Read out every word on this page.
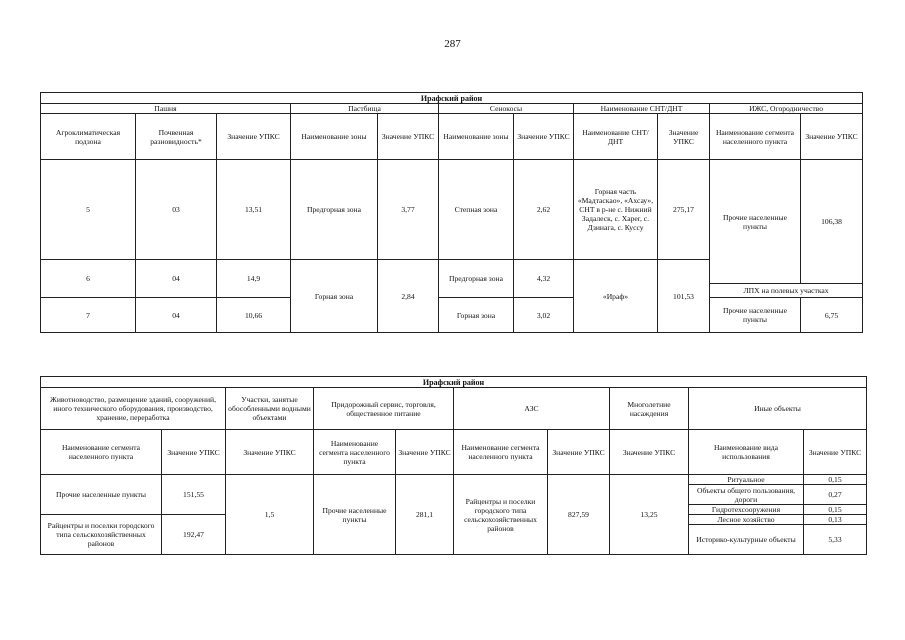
287
Ирафский район										
Пашня			Пастбища		Сенокосы		Наименование СНТ/ДНТ		ИЖС, Огородничество	
Агроклиматическая подзона	Почвенная разновидность*	Значение УПКС	Наименование зоны	Значение УПКС	Наименование зоны	Значение УПКС	Наименование СНТ/ДНТ	Значение УПКС	Наименование сегмента населенного пункта	Значение УПКС
5	03	13,51	Предгорная зона	3,77	Степная зона	2,62	Горная часть «Мадтаскао», «Ахсау», СНТ в р-не с. Нижний Задалеск, с. Хаper, с. Дзинага, с. Куссу	275,17	Прочие населенные пункты	106,38
6	04	14,9	Горная зона	2,84	Предгорная зона	4,32	«Ираф»	101,53		
									ЛПХ на полевых участках	
7	04	10,66			Горная зона	3,02			Прочие населенные пункты	6,75

Ирафский район									
Животноводство, размещение зданий, сооружений, иного технического оборудования, производство, хранение, переработка		Участки, занятые обособленными водными объектами	Придорожный сервис, торговля, общественное питание		АЗС		Многолетние насаждения	Иные объекты	
Наименование сегмента населенного пункта	Значение УПКС	Значение УПКС	Наименование сегмента населенного пункта	Значение УПКС	Наименование сегмента населенного пункта	Значение УПКС	Значение УПКС	Наименование вида использования	Значение УПКС
Прочие населенные пункты	151,55	1,5	Прочие населенные пункты	281,1	Райцентры и поселки городского типа сельскохозяйственных районов	827,59	13,25	Ритуальное	0,15
								Объекты общего пользования, дороги	0,27
								Гидротехсооружения	0,15
Райцентры и поселки городского типа сельскохозяйственных районов	192,47							Лесное хозяйство	0,13
								Историко-культурные объекты	5,33
